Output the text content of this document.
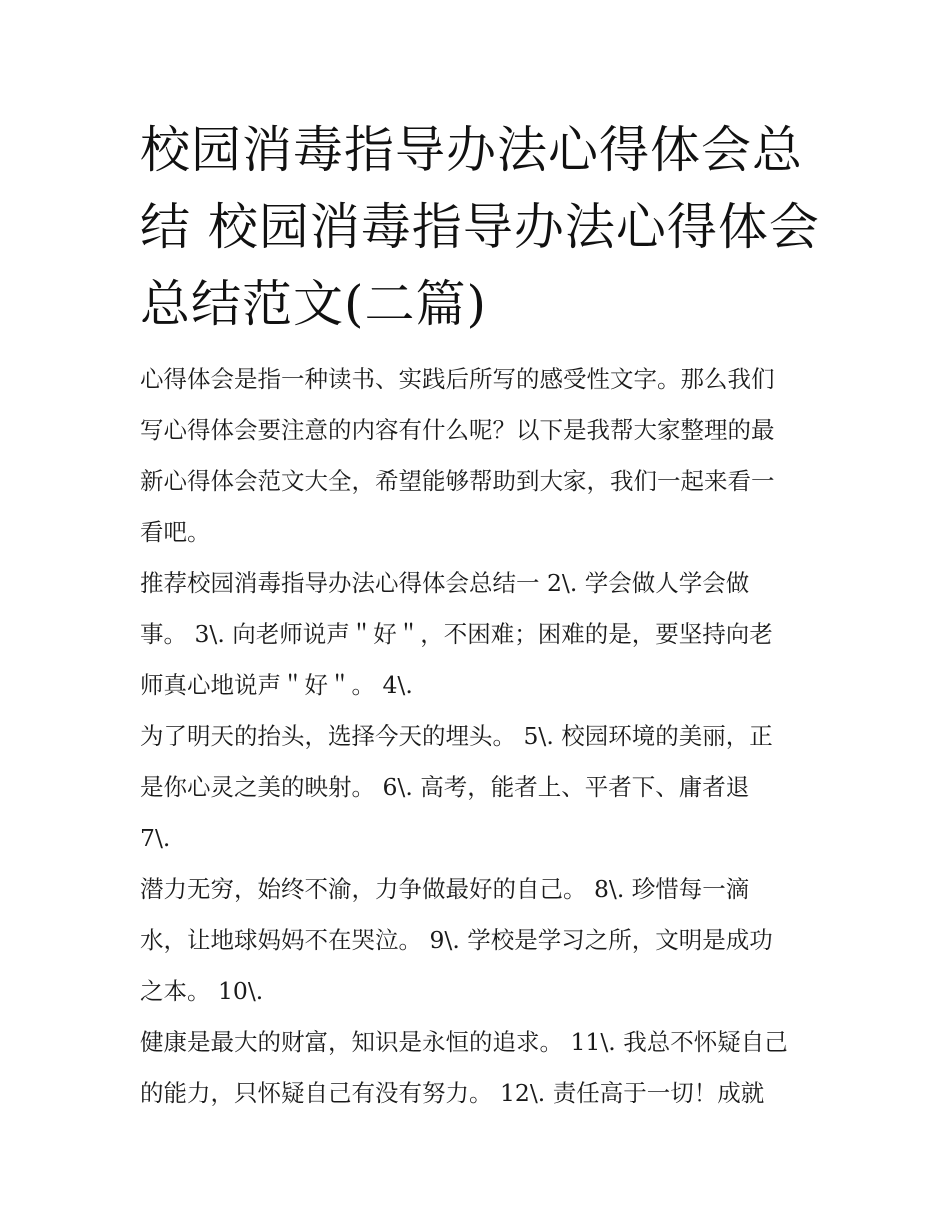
校园消毒指导办法心得体会总
结 校园消毒指导办法心得体会
总结范文(二篇)

心得体会是指一种读书、实践后所写的感受性文字。那么我们
写心得体会要注意的内容有什么呢？以下是我帮大家整理的最
新心得体会范文大全，希望能够帮助到大家，我们一起来看一
看吧。

推荐校园消毒指导办法心得体会总结一 2\. 学会做人学会做
事。 3\. 向老师说声＂好＂，不困难；困难的是，要坚持向老
师真心地说声＂好＂。 4\.

为了明天的抬头，选择今天的埋头。 5\. 校园环境的美丽，正
是你心灵之美的映射。 6\. 高考，能者上、平者下、庸者退
7\.

潜力无穷，始终不渝，力争做最好的自己。 8\. 珍惜每一滴
水，让地球妈妈不在哭泣。 9\. 学校是学习之所，文明是成功
之本。 10\.

健康是最大的财富，知识是永恒的追求。 11\. 我总不怀疑自己
的能力，只怀疑自己有没有努力。 12\. 责任高于一切！成就
